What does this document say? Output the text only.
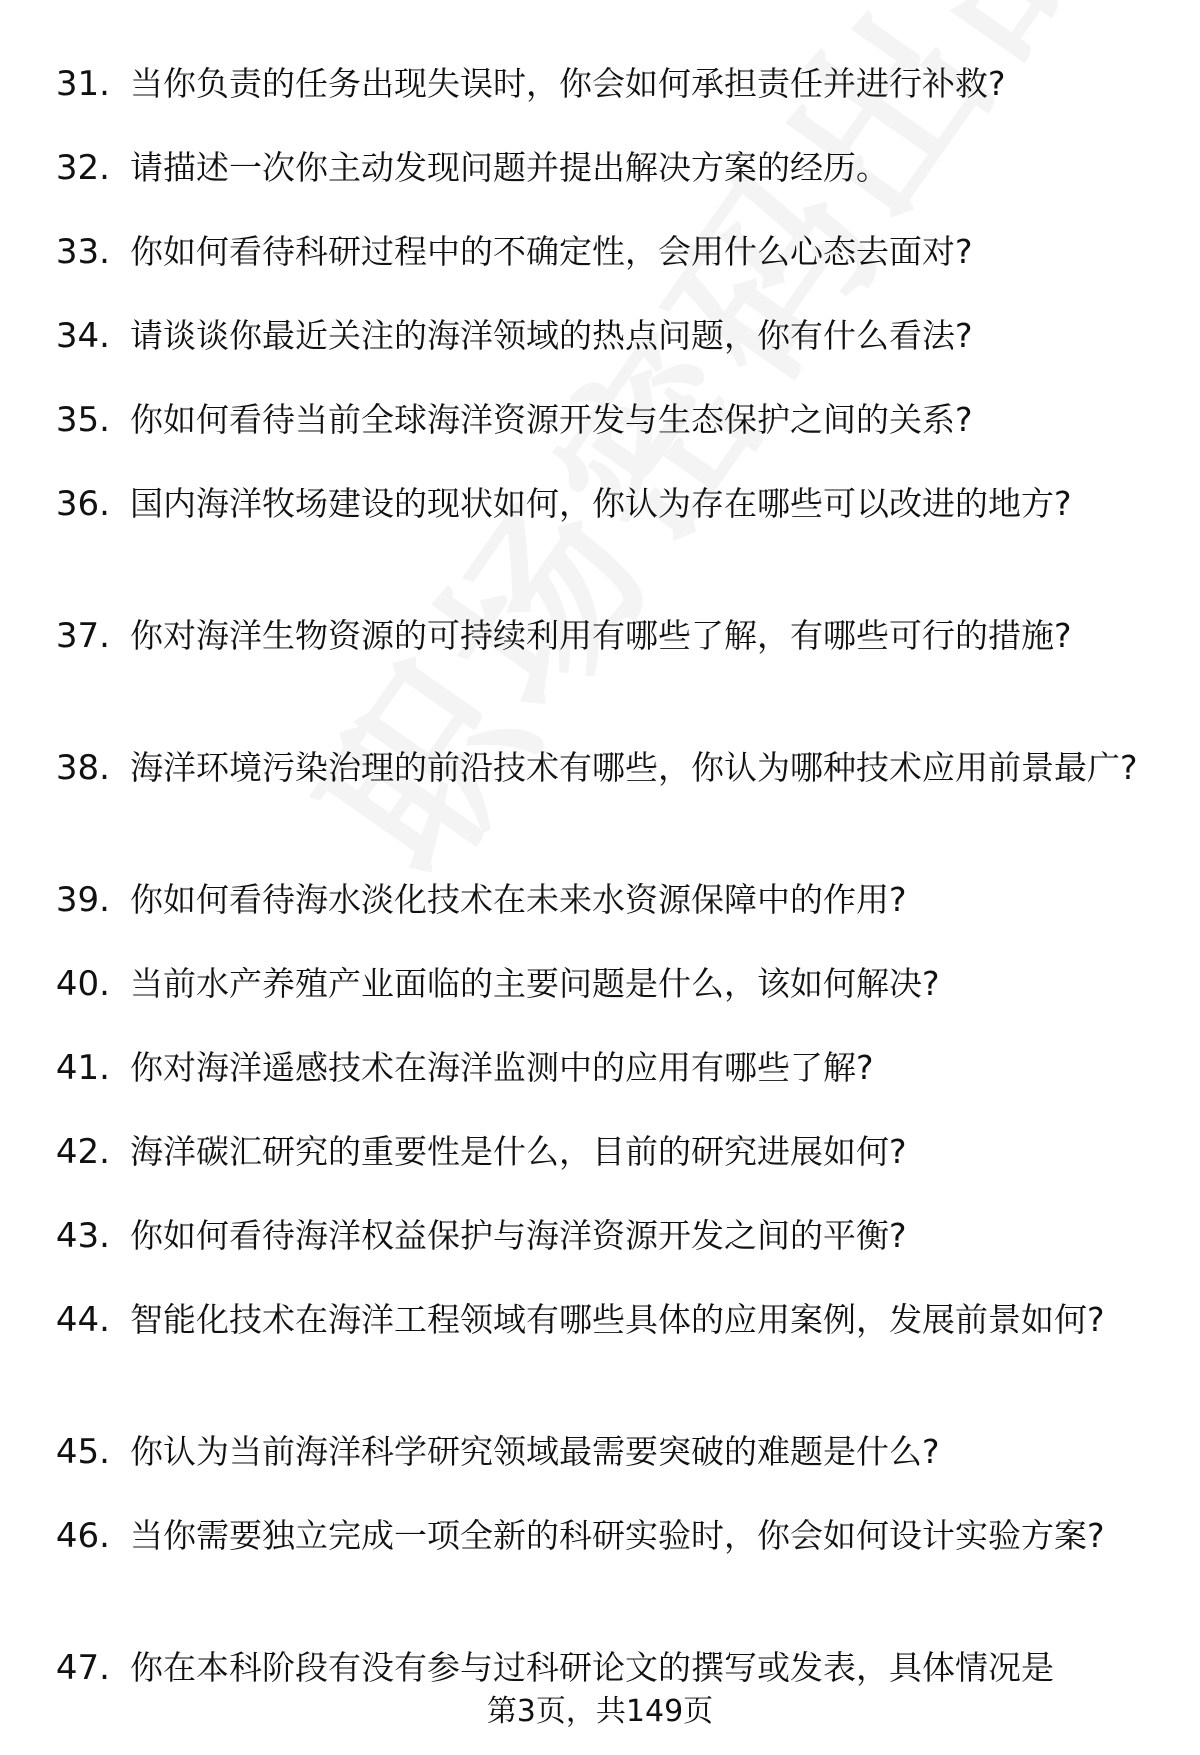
31. 当你负责的任务出现失误时，你会如何承担责任并进行补救?
32. 请描述一次你主动发现问题并提出解决方案的经历。
33. 你如何看待科研过程中的不确定性，会用什么心态去面对?
34. 请谈谈你最近关注的海洋领域的热点问题，你有什么看法?
35. 你如何看待当前全球海洋资源开发与生态保护之间的关系?
36. 国内海洋牧场建设的现状如何，你认为存在哪些可以改进的地方?
37. 你对海洋生物资源的可持续利用有哪些了解，有哪些可行的措施?
38. 海洋环境污染治理的前沿技术有哪些，你认为哪种技术应用前景最广?
39. 你如何看待海水淡化技术在未来水资源保障中的作用?
40. 当前水产养殖产业面临的主要问题是什么，该如何解决?
41. 你对海洋遥感技术在海洋监测中的应用有哪些了解?
42. 海洋碳汇研究的重要性是什么，目前的研究进展如何?
43. 你如何看待海洋权益保护与海洋资源开发之间的平衡?
44. 智能化技术在海洋工程领域有哪些具体的应用案例，发展前景如何?
45. 你认为当前海洋科学研究领域最需要突破的难题是什么?
46. 当你需要独立完成一项全新的科研实验时，你会如何设计实验方案?
47. 你在本科阶段有没有参与过科研论文的撰写或发表，具体情况是
第3页，共149页
